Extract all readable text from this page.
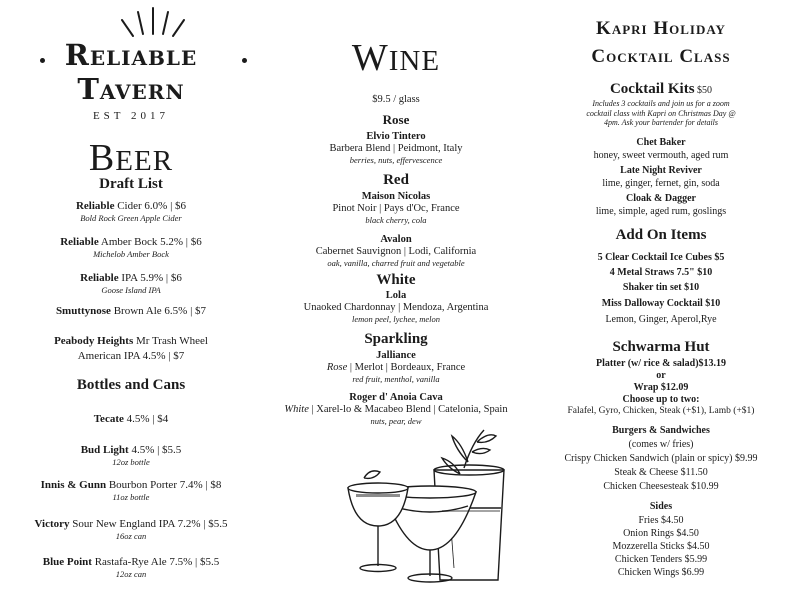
Reliable
Tavern
EST 2017
BEER
Draft List
Reliable Cider 6.0% | $6
Bold Rock Green Apple Cider
Reliable Amber Bock 5.2% | $6
Michelob Amber Bock
Reliable IPA 5.9% | $6
Goose Island IPA
Smuttynose Brown Ale 6.5% | $7
Peabody Heights Mr Trash Wheel
American IPA 4.5% | $7
Bottles and Cans
Tecate 4.5% | $4
Bud Light 4.5% | $5.5
12oz bottle
Innis & Gunn Bourbon Porter 7.4% | $8
11oz bottle
Victory Sour New England IPA 7.2% | $5.5
16oz can
Blue Point Rastafa-Rye Ale 7.5% | $5.5
12oz can
WINE
$9.5 / glass
Rose
Elvio Tintero
Barbera Blend | Peidmont, Italy
berries, nuts, effervescence
Red
Maison Nicolas
Pinot Noir | Pays d'Oc, France
black cherry, cola
Avalon
Cabernet Sauvignon | Lodi, California
oak, vanilla, charred fruit and vegetable
White
Lola
Unaoked Chardonnay | Mendoza, Argentina
lemon peel, lychee, melon
Sparkling
Jalliance
Rose | Merlot | Bordeaux, France
red fruit, menthol, vanilla
Roger d' Anoia Cava
White | Xarel-lo & Macabeo Blend | Catelonia, Spain
nuts, pear, dew
Kapri Holiday
Cocktail Class
Cocktail Kits $50
Includes 3 cocktails and join us for a zoom
cocktail class with Kapri on Christmas Day @
4pm. Ask your bartender for details
Chet Baker
honey, sweet vermouth, aged rum
Late Night Reviver
lime, ginger, fernet, gin, soda
Cloak & Dagger
lime, simple, aged rum, goslings
Add On Items
5 Clear Cocktail Ice Cubes $5
4 Metal Straws 7.5" $10
Shaker tin set $10
Miss Dalloway Cocktail $10
Lemon, Ginger, Aperol,Rye
Schwarma Hut
Platter (w/ rice & salad)$13.19
or
Wrap $12.09
Choose up to two:
Falafel, Gyro, Chicken, Steak (+$1), Lamb (+$1)
Burgers & Sandwiches
(comes w/ fries)
Crispy Chicken Sandwich (plain or spicy) $9.99
Steak & Cheese $11.50
Chicken Cheesesteak $10.99
Sides
Fries $4.50
Onion Rings $4.50
Mozzerella Sticks $4.50
Chicken Tenders $5.99
Chicken Wings $6.99
